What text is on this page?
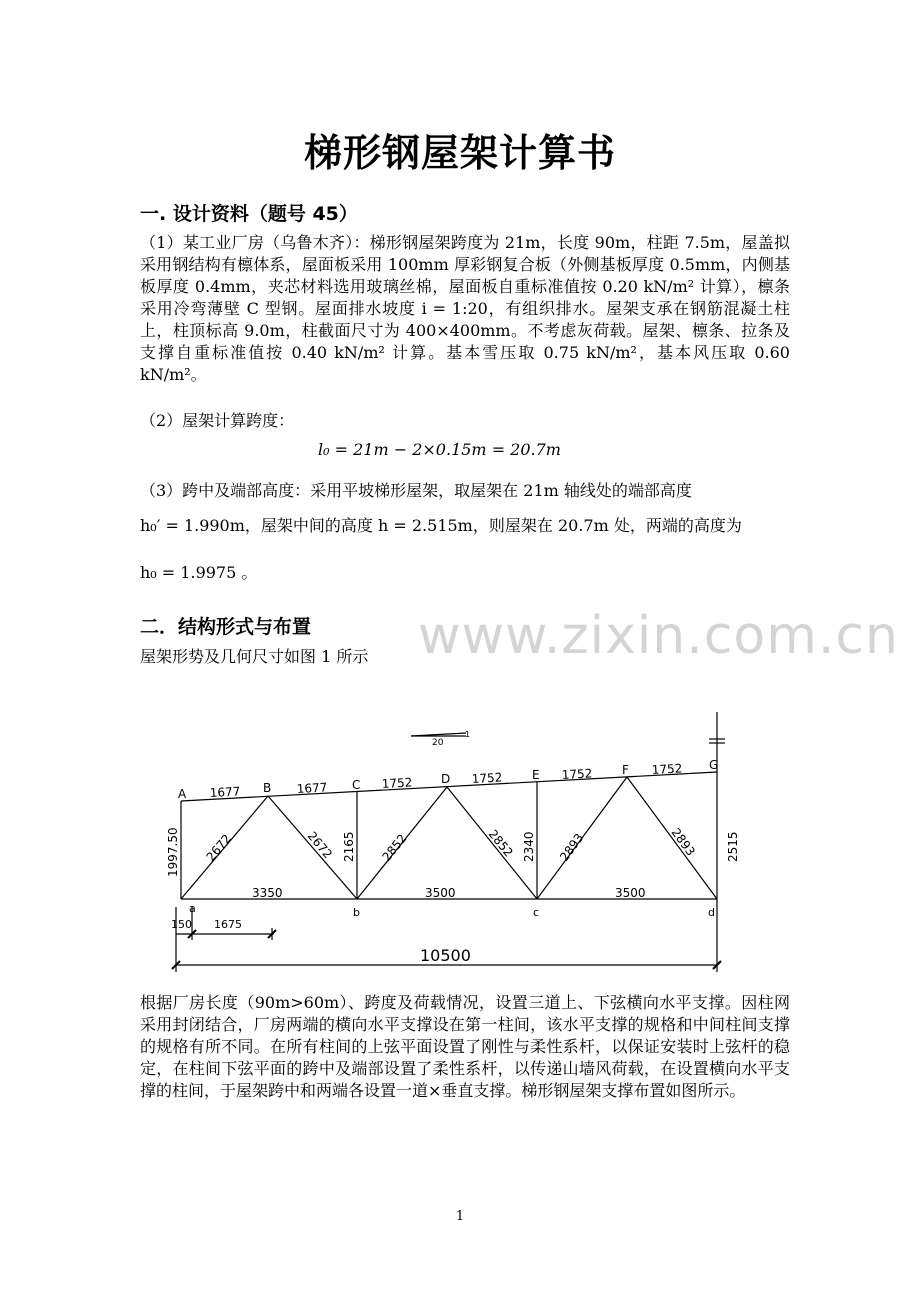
梯形钢屋架计算书
一. 设计资料（题号 45）
（1）某工业厂房（乌鲁木齐）：梯形钢屋架跨度为 21m，长度 90m，柱距 7.5m，屋盖拟采用钢结构有檩体系，屋面板采用 100mm 厚彩钢复合板（外侧基板厚度 0.5mm，内侧基板厚度 0.4mm，夹芯材料选用玻璃丝棉，屋面板自重标准值按 0.20 kN/m² 计算），檩条采用冷弯薄壁 C 型钢。屋面排水坡度 i = 1:20，有组织排水。屋架支承在钢筋混凝土柱上，柱顶标高 9.0m，柱截面尺寸为 400×400mm。不考虑灰荷载。屋架、檩条、拉条及支撑自重标准值按 0.40 kN/m² 计算。基本雪压取 0.75 kN/m²，基本风压取 0.60 kN/m²。
（2）屋架计算跨度：
l₀ = 21m − 2×0.15m = 20.7m
（3）跨中及端部高度：采用平坡梯形屋架，取屋架在 21m 轴线处的端部高度
h₀′ = 1.990m，屋架中间的高度 h = 2.515m，则屋架在 20.7m 处，两端的高度为
h₀ = 1.9975 。
www.zixin.com.cn
二．结构形式与布置
屋架形势及几何尺寸如图 1 所示
20
1
A	B	C	D	E	F	G
a	b	c	d
1677	1677	1752	1752	1752	1752
3350	3500	3500
2672	2672	2852	2852	2893	2893
1997.50	2165	2340	2515
150 1675
10500
根据厂房长度（90m>60m）、跨度及荷载情况，设置三道上、下弦横向水平支撑。因柱网采用封闭结合，厂房两端的横向水平支撑设在第一柱间，该水平支撑的规格和中间柱间支撑的规格有所不同。在所有柱间的上弦平面设置了刚性与柔性系杆，以保证安装时上弦杆的稳定，在柱间下弦平面的跨中及端部设置了柔性系杆，以传递山墙风荷载，在设置横向水平支撑的柱间，于屋架跨中和两端各设置一道×垂直支撑。梯形钢屋架支撑布置如图所示。
1
